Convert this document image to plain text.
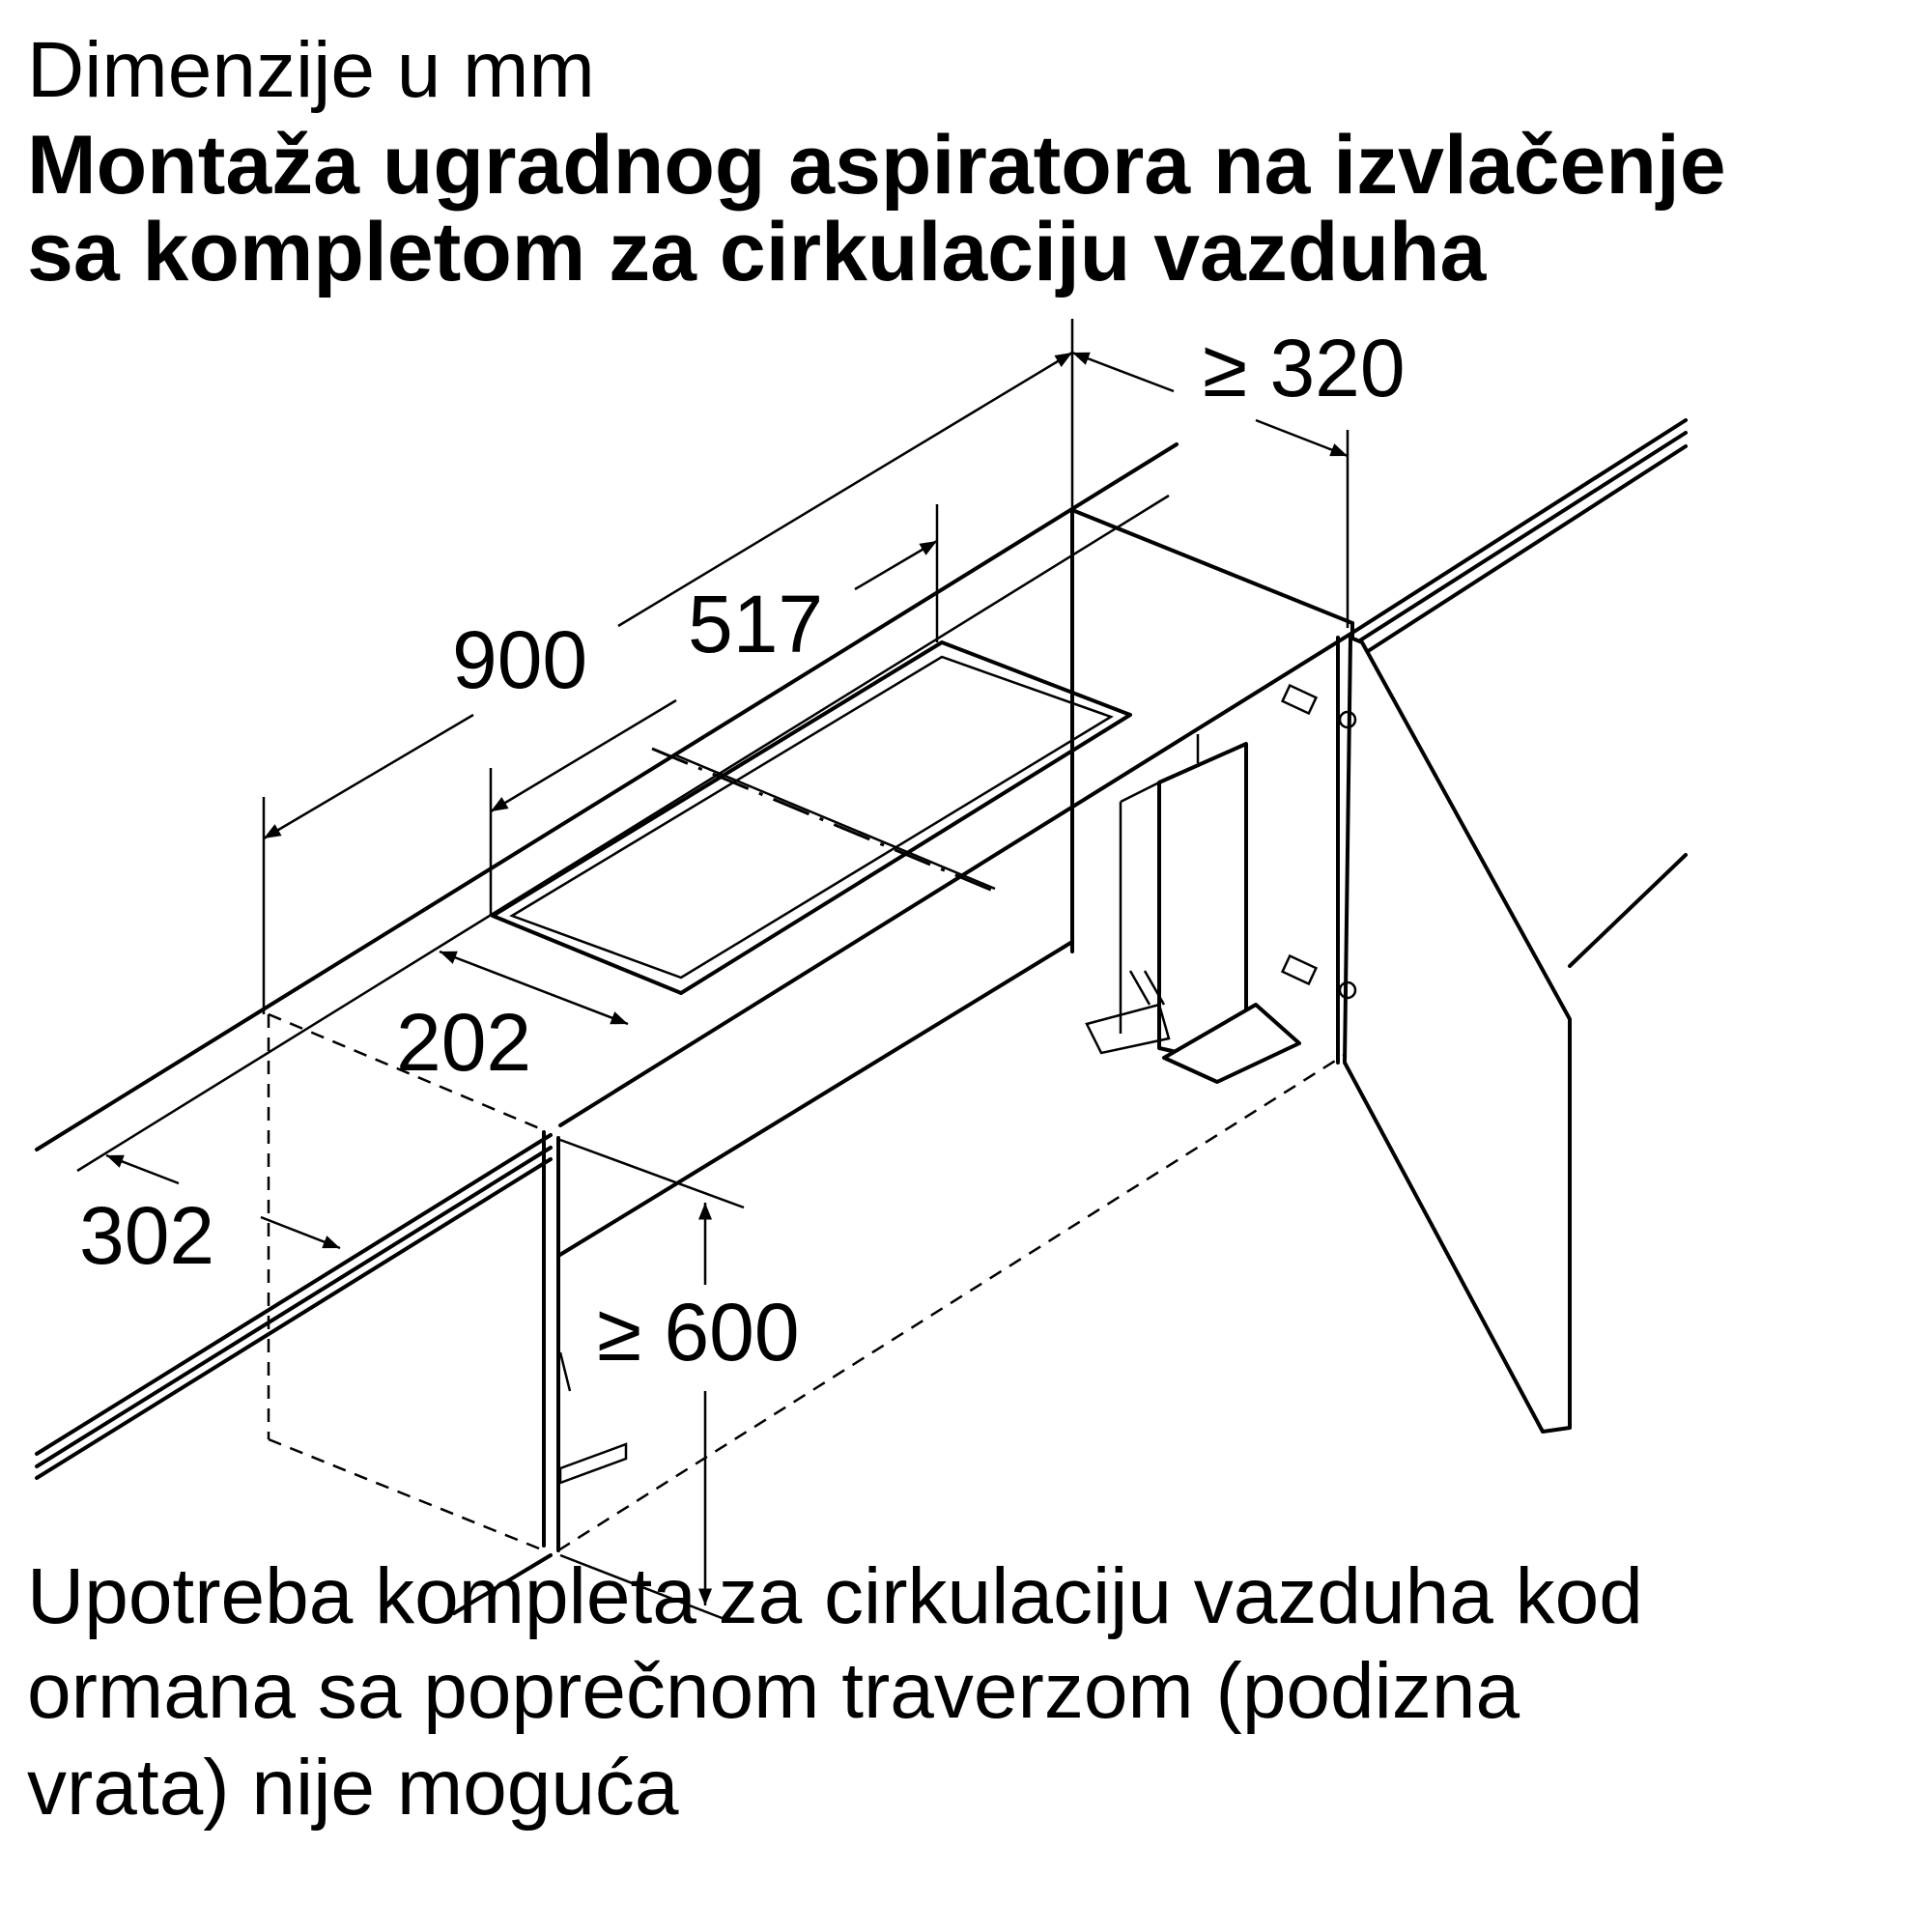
Dimenzije u mm
Montaža ugradnog aspiratora na izvlačenje
sa kompletom za cirkulaciju vazduha
900 517
202
302
≥ 320
≥ 600
Upotreba kompleta za cirkulaciju vazduha kod
ormana sa poprečnom traverzom (podizna
vrata) nije moguća
